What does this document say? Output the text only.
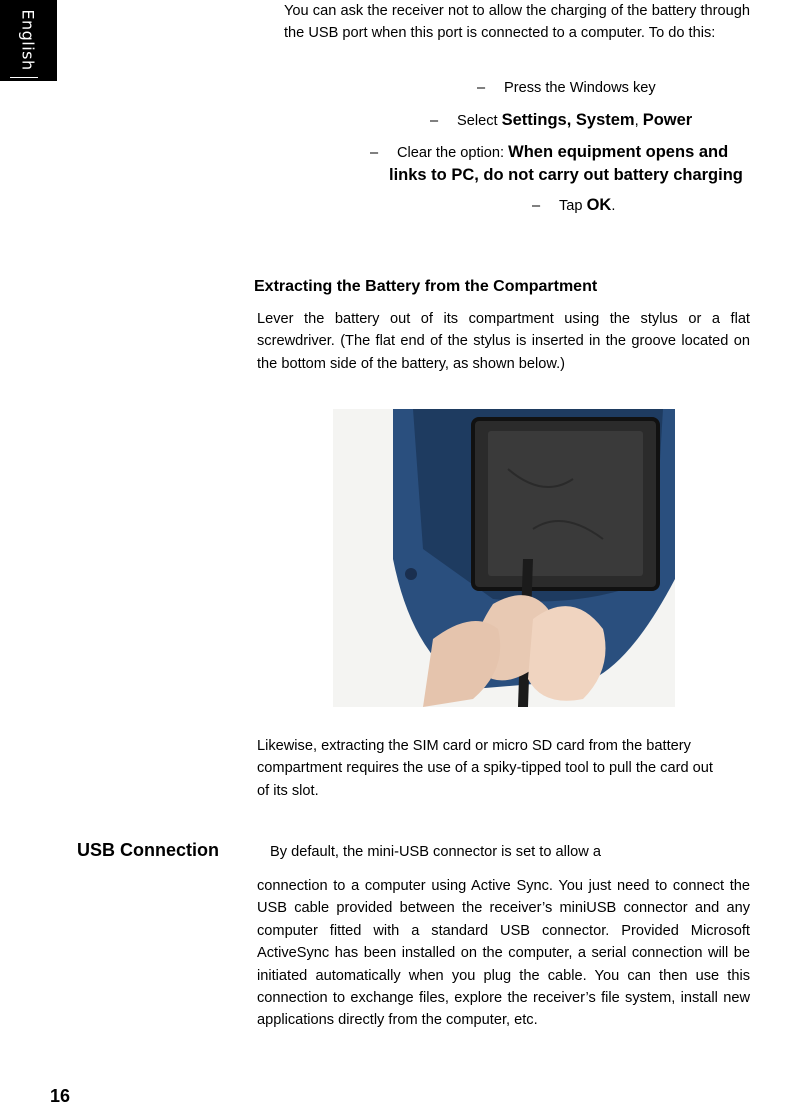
English	You can ask the receiver not to allow the charging of the battery through the USB port when this port is connected to a computer. To do this:
– Press the Windows key
– Select Settings, System, Power
– Clear the option: When equipment opens and
links to PC, do not carry out battery charging
– Tap OK.
Extracting the Battery from the Compartment
Lever the battery out of its compartment using the stylus or a flat screwdriver. (The flat end of the stylus is inserted in the groove located on the bottom side of the battery, as shown below.)
Likewise, extracting the SIM card or micro SD card from the battery compartment requires the use of a spiky-tipped tool to pull the card out of its slot.
USB Connection	By default, the mini-USB connector is set to allow a
connection to a computer using Active Sync. You just need to connect the USB cable provided between the receiver’s miniUSB connector and any computer fitted with a standard USB connector. Provided Microsoft ActiveSync has been installed on the computer, a serial connection will be initiated automatically when you plug the cable. You can then use this connection to exchange files, explore the receiver’s file system, install new applications directly from the computer, etc.
16
